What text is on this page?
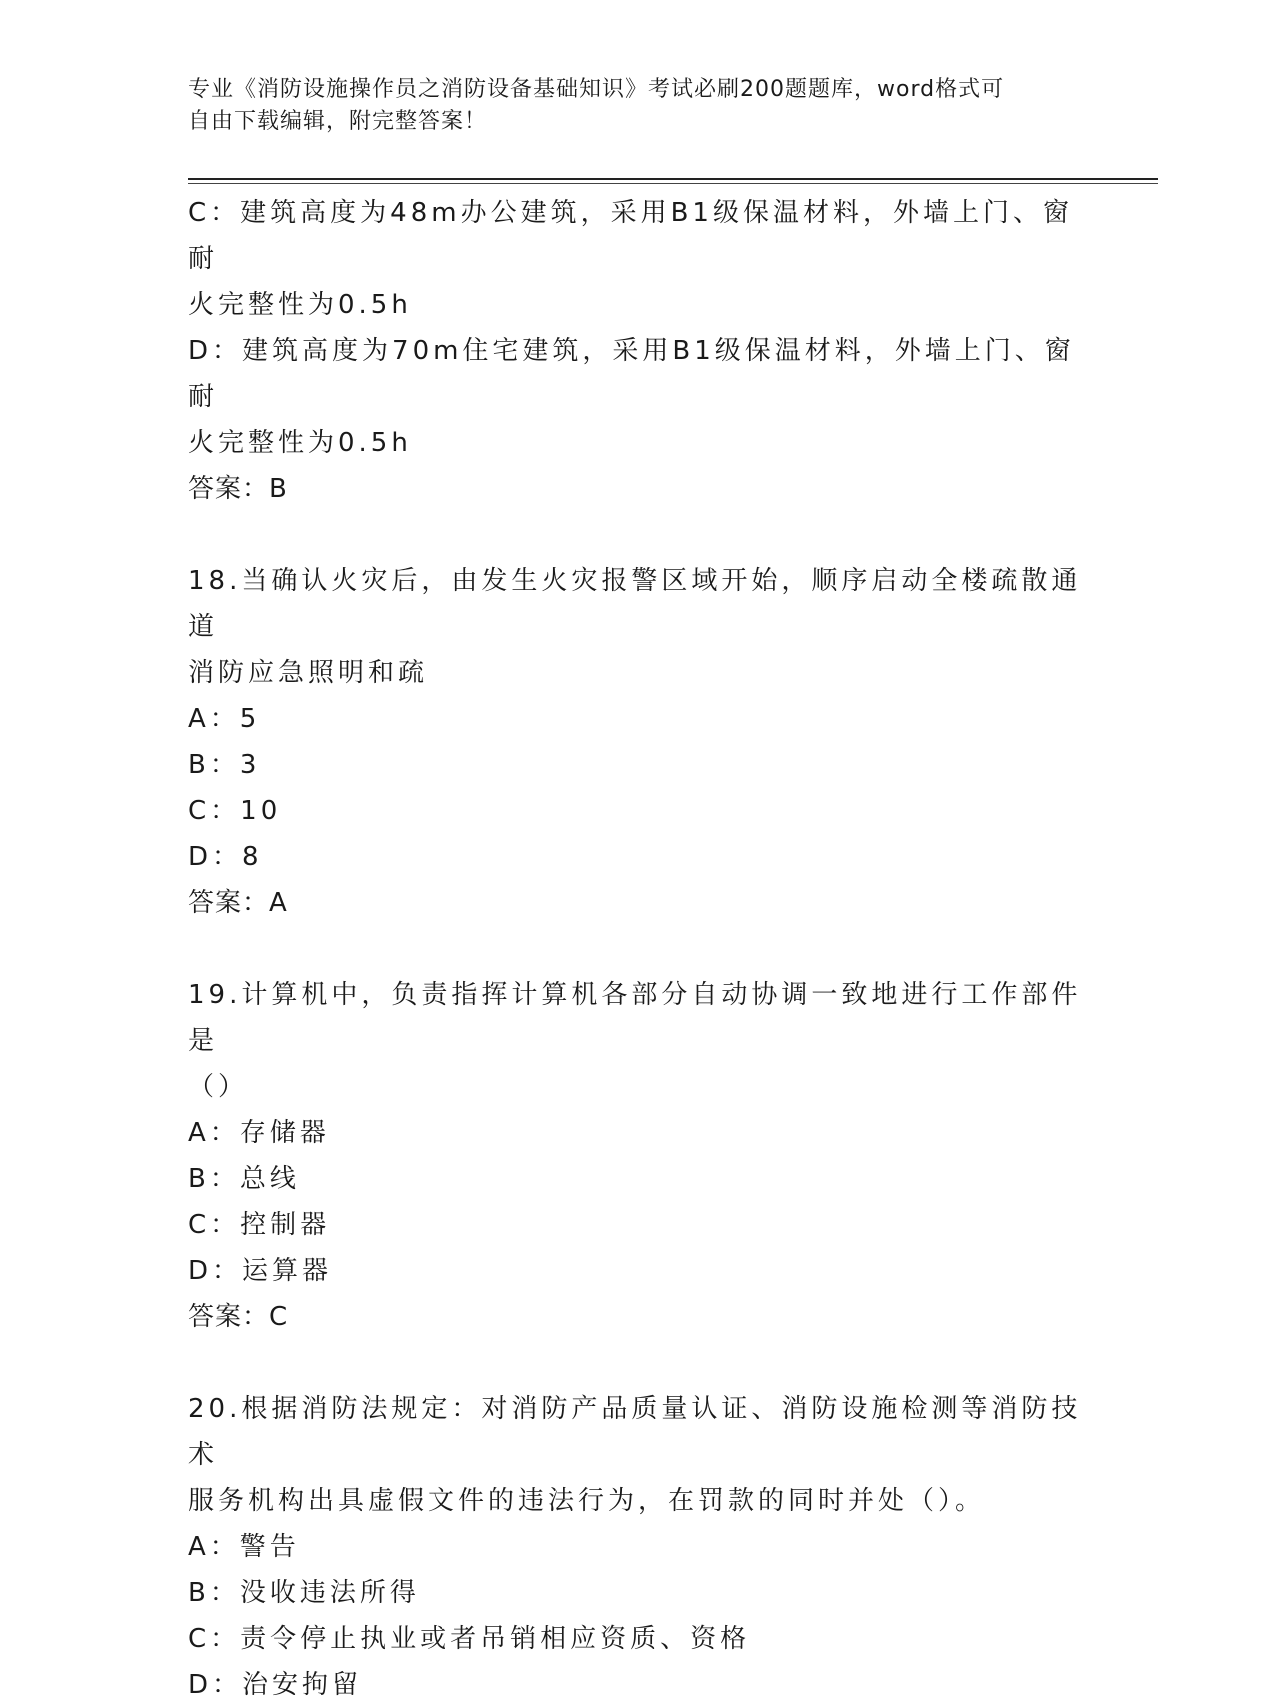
专业《消防设施操作员之消防设备基础知识》考试必刷200题题库，word格式可
自由下载编辑，附完整答案！

C：建筑高度为48m办公建筑，采用B1级保温材料，外墙上门、窗耐

火完整性为0.5h

D：建筑高度为70m住宅建筑，采用B1级保温材料，外墙上门、窗耐

火完整性为0.5h

答案：B

18.当确认火灾后，由发生火灾报警区域开始，顺序启动全楼疏散通道

消防应急照明和疏

A：5

B：3

C：10

D：8

答案：A

19.计算机中，负责指挥计算机各部分自动协调一致地进行工作部件是

（）

A：存储器

B：总线

C：控制器

D：运算器

答案：C

20.根据消防法规定：对消防产品质量认证、消防设施检测等消防技术

服务机构出具虚假文件的违法行为，在罚款的同时并处（）。

A：警告

B：没收违法所得

C：责令停止执业或者吊销相应资质、资格

D：治安拘留
